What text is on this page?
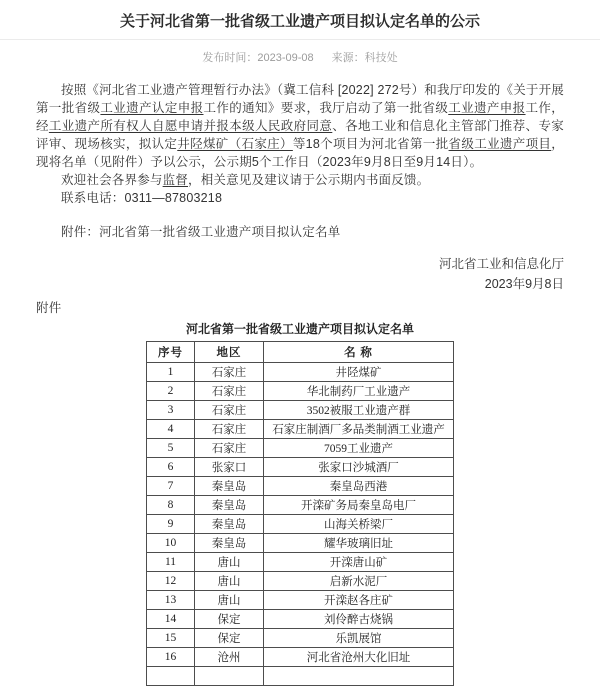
关于河北省第一批省级工业遗产项目拟认定名单的公示
发布时间：2023-09-08 来源：科技处

按照《河北省工业遗产管理暂行办法》（冀工信科 [2022] 272号）和我厅印发的《关于开展第一批省级工业遗产认定申报工作的通知》要求，我厅启动了第一批省级工业遗产申报工作，经工业遗产所有权人自愿申请并报本级人民政府同意、各地工业和信息化主管部门推荐、专家评审、现场核实，拟认定井陉煤矿（石家庄）等18个项目为河北省第一批省级工业遗产项目，现将名单（见附件）予以公示，公示期5个工作日（2023年9月8日至9月14日）。

欢迎社会各界参与监督，相关意见及建议请于公示期内书面反馈。

联系电话：0311—87803218

附件：河北省第一批省级工业遗产项目拟认定名单

河北省工业和信息化厅
2023年9月8日

附件

河北省第一批省级工业遗产项目拟认定名单
序号	地区	名 称
1	石家庄	井陉煤矿
2	石家庄	华北制药厂工业遗产
3	石家庄	3502被服工业遗产群
4	石家庄	石家庄制酒厂多品类制酒工业遗产
5	石家庄	7059工业遗产
6	张家口	张家口沙城酒厂
7	秦皇岛	秦皇岛西港
8	秦皇岛	开滦矿务局秦皇岛电厂
9	秦皇岛	山海关桥梁厂
10	秦皇岛	耀华玻璃旧址
11	唐山	开滦唐山矿
12	唐山	启新水泥厂
13	唐山	开滦赵各庄矿
14	保定	刘伶醉古烧锅
15	保定	乐凯展馆
16	沧州	河北省沧州大化旧址
